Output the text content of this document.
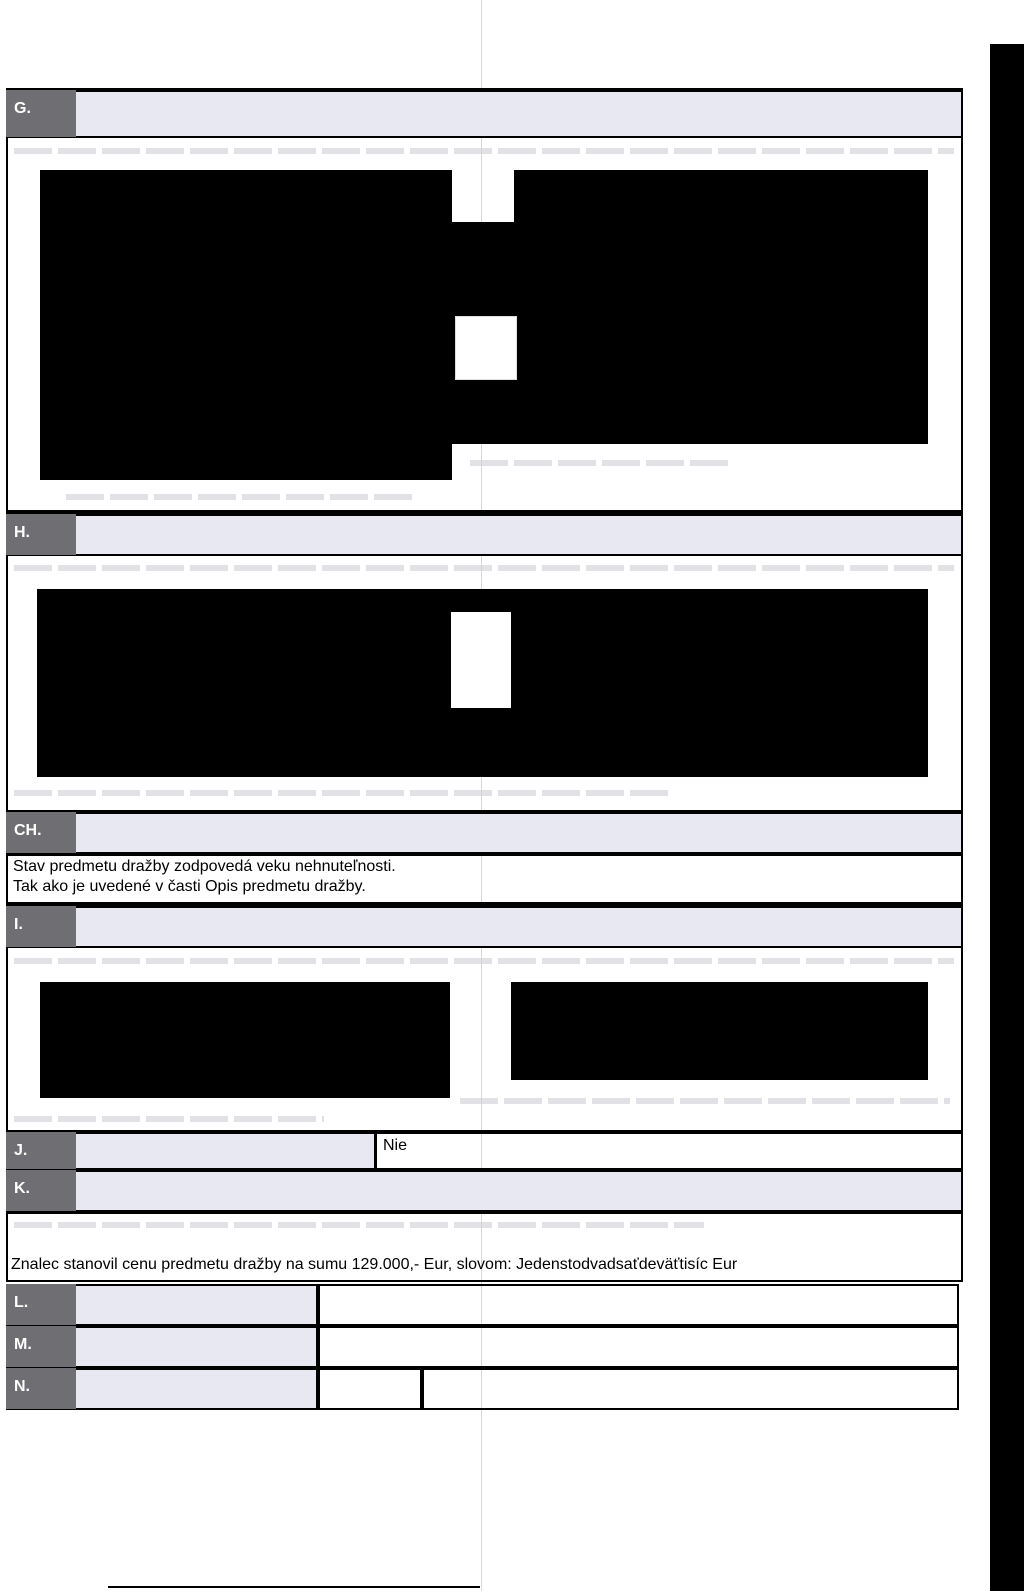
G.
H.
CH.
Stav predmetu dražby zodpovedá veku nehnuteľnosti.
Tak ako je uvedené v časti Opis predmetu dražby.
I.
J.	Nie
K.
Znalec stanovil cenu predmetu dražby na sumu 129.000,- Eur, slovom: Jedenstodvadsaťdeväťtisíc Eur
L.
M.
N.
